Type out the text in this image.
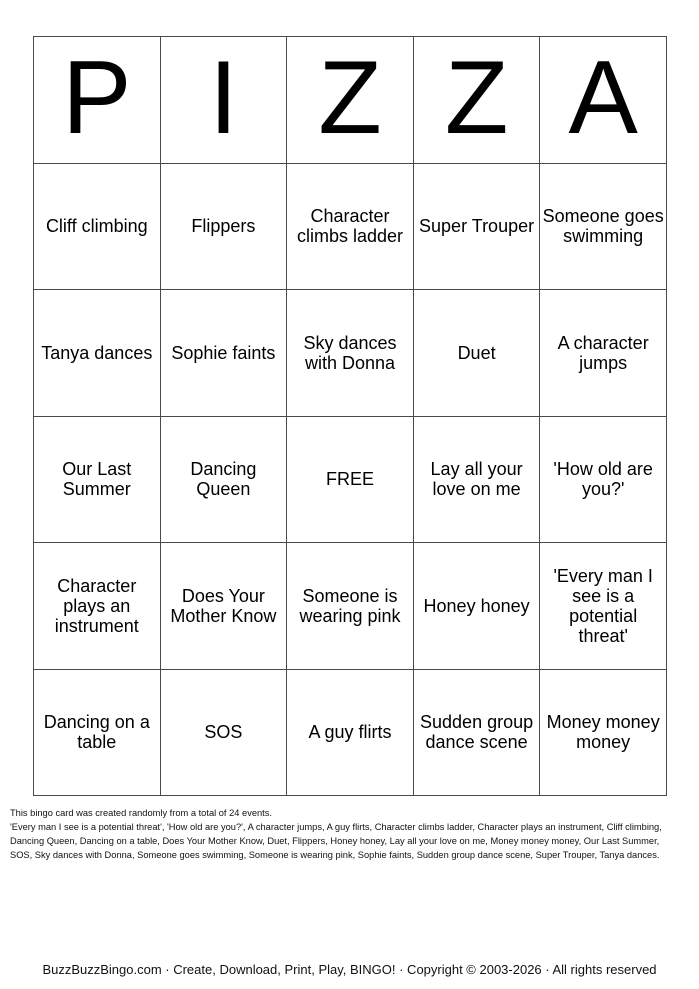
P	I	Z	Z	A
Cliff climbing	Flippers	Character climbs ladder	Super Trouper	Someone goes swimming
Tanya dances	Sophie faints	Sky dances with Donna	Duet	A character jumps
Our Last Summer	Dancing Queen	FREE	Lay all your love on me	'How old are you?'
Character plays an instrument	Does Your Mother Know	Someone is wearing pink	Honey honey	'Every man I see is a potential threat'
Dancing on a table	SOS	A guy flirts	Sudden group dance scene	Money money money
This bingo card was created randomly from a total of 24 events.
'Every man I see is a potential threat', 'How old are you?', A character jumps, A guy flirts, Character climbs ladder, Character plays an instrument, Cliff climbing,
Dancing Queen, Dancing on a table, Does Your Mother Know, Duet, Flippers, Honey honey, Lay all your love on me, Money money money, Our Last Summer,
SOS, Sky dances with Donna, Someone goes swimming, Someone is wearing pink, Sophie faints, Sudden group dance scene, Super Trouper, Tanya dances.
BuzzBuzzBingo.com · Create, Download, Print, Play, BINGO! · Copyright © 2003-2026 · All rights reserved
